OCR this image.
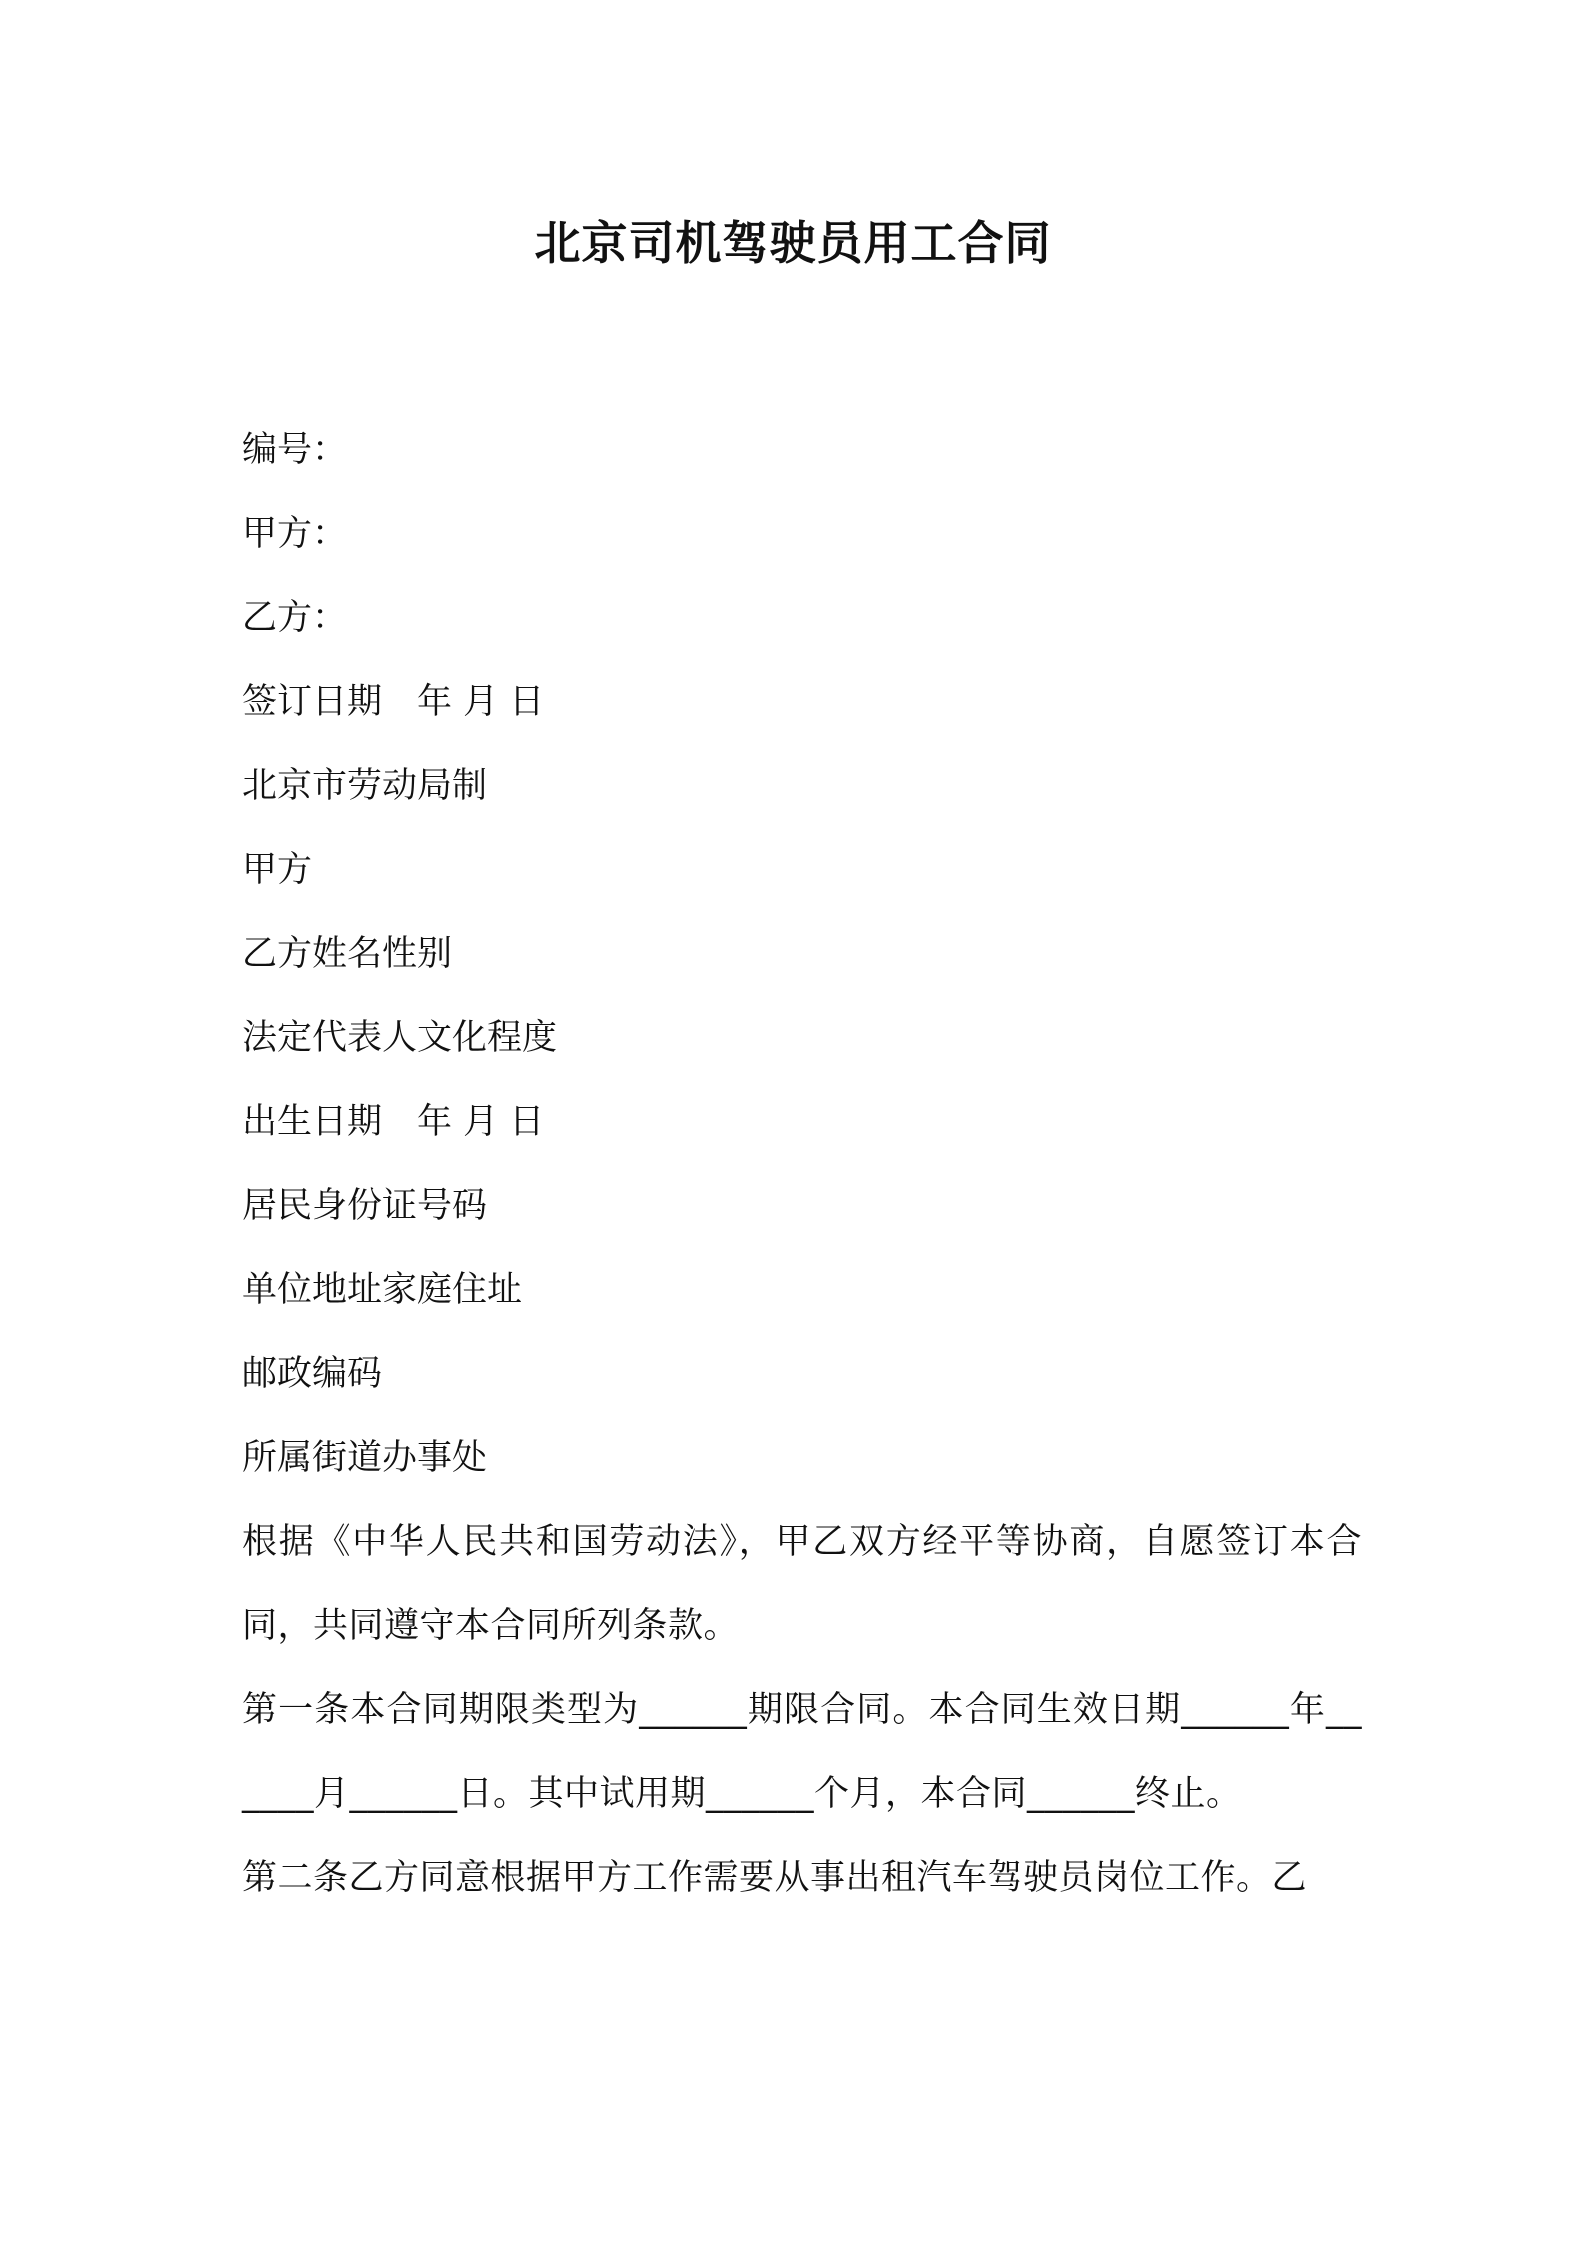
北京司机驾驶员用工合同
编号：
甲方：
乙方：
签订日期　年 月 日
北京市劳动局制
甲方
乙方姓名性别
法定代表人文化程度
出生日期　年 月 日
居民身份证号码
单位地址家庭住址
邮政编码
所属街道办事处
根据《中华人民共和国劳动法》，甲乙双方经平等协商，自愿签订本合同，共同遵守本合同所列条款。
第一条本合同期限类型为______期限合同。本合同生效日期______年______月______日。其中试用期______个月，本合同______终止。
第二条乙方同意根据甲方工作需要从事出租汽车驾驶员岗位工作。乙
